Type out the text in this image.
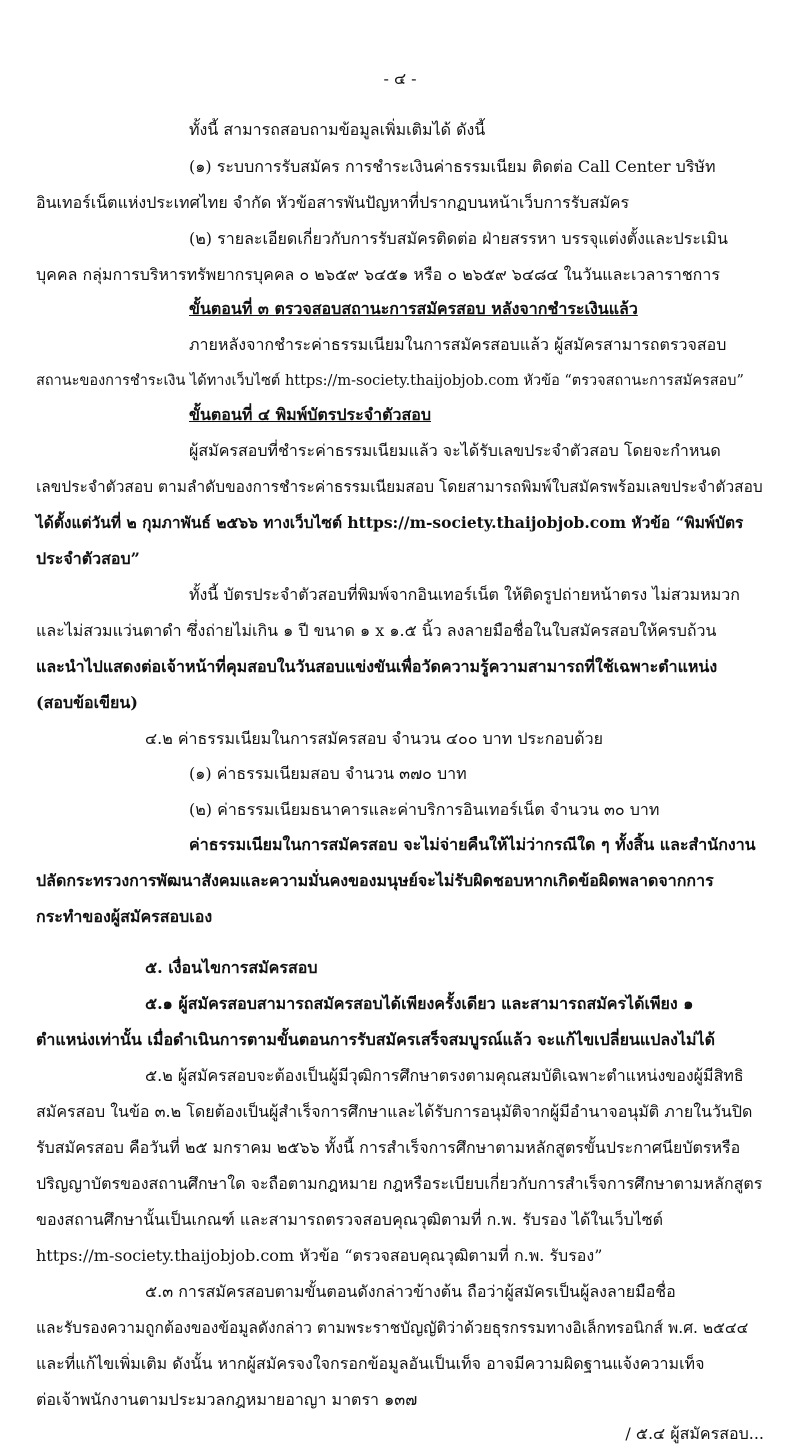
- ๔ -
ทั้งนี้ สามารถสอบถามข้อมูลเพิ่มเติมได้ ดังนี้
(๑) ระบบการรับสมัคร การชำระเงินค่าธรรมเนียม ติดต่อ Call Center บริษัท
อินเทอร์เน็ตแห่งประเทศไทย จำกัด หัวข้อสารพันปัญหาที่ปรากฏบนหน้าเว็บการรับสมัคร
(๒) รายละเอียดเกี่ยวกับการรับสมัครติดต่อ ฝ่ายสรรหา บรรจุแต่งตั้งและประเมิน
บุคคล กลุ่มการบริหารทรัพยากรบุคคล ๐ ๒๖๕๙ ๖๔๕๑ หรือ ๐ ๒๖๕๙ ๖๔๘๔ ในวันและเวลาราชการ
ขั้นตอนที่ ๓ ตรวจสอบสถานะการสมัครสอบ หลังจากชำระเงินแล้ว
ภายหลังจากชำระค่าธรรมเนียมในการสมัครสอบแล้ว ผู้สมัครสามารถตรวจสอบ
สถานะของการชำระเงิน ได้ทางเว็บไซต์ https://m-society.thaijobjob.com หัวข้อ “ตรวจสถานะการสมัครสอบ”
ขั้นตอนที่ ๔ พิมพ์บัตรประจำตัวสอบ
ผู้สมัครสอบที่ชำระค่าธรรมเนียมแล้ว จะได้รับเลขประจำตัวสอบ โดยจะกำหนด
เลขประจำตัวสอบ ตามลำดับของการชำระค่าธรรมเนียมสอบ โดยสามารถพิมพ์ใบสมัครพร้อมเลขประจำตัวสอบ
ได้ตั้งแต่วันที่ ๒ กุมภาพันธ์ ๒๕๖๖ ทางเว็บไซต์ https://m-society.thaijobjob.com หัวข้อ “พิมพ์บัตร
ประจำตัวสอบ”
ทั้งนี้ บัตรประจำตัวสอบที่พิมพ์จากอินเทอร์เน็ต ให้ติดรูปถ่ายหน้าตรง ไม่สวมหมวก
และไม่สวมแว่นตาดำ ซึ่งถ่ายไม่เกิน ๑ ปี ขนาด ๑ x ๑.๕ นิ้ว ลงลายมือชื่อในใบสมัครสอบให้ครบถ้วน
และนำไปแสดงต่อเจ้าหน้าที่คุมสอบในวันสอบแข่งขันเพื่อวัดความรู้ความสามารถที่ใช้เฉพาะตำแหน่ง
(สอบข้อเขียน)
๔.๒ ค่าธรรมเนียมในการสมัครสอบ จำนวน ๔๐๐ บาท ประกอบด้วย
(๑) ค่าธรรมเนียมสอบ จำนวน ๓๗๐ บาท
(๒) ค่าธรรมเนียมธนาคารและค่าบริการอินเทอร์เน็ต จำนวน ๓๐ บาท
ค่าธรรมเนียมในการสมัครสอบ จะไม่จ่ายคืนให้ไม่ว่ากรณีใด ๆ ทั้งสิ้น และสำนักงาน
ปลัดกระทรวงการพัฒนาสังคมและความมั่นคงของมนุษย์จะไม่รับผิดชอบหากเกิดข้อผิดพลาดจากการ
กระทำของผู้สมัครสอบเอง
๕. เงื่อนไขการสมัครสอบ
๕.๑ ผู้สมัครสอบสามารถสมัครสอบได้เพียงครั้งเดียว และสามารถสมัครได้เพียง ๑
ตำแหน่งเท่านั้น เมื่อดำเนินการตามขั้นตอนการรับสมัครเสร็จสมบูรณ์แล้ว จะแก้ไขเปลี่ยนแปลงไม่ได้
๕.๒ ผู้สมัครสอบจะต้องเป็นผู้มีวุฒิการศึกษาตรงตามคุณสมบัติเฉพาะตำแหน่งของผู้มีสิทธิ
สมัครสอบ ในข้อ ๓.๒ โดยต้องเป็นผู้สำเร็จการศึกษาและได้รับการอนุมัติจากผู้มีอำนาจอนุมัติ ภายในวันปิด
รับสมัครสอบ คือวันที่ ๒๕ มกราคม ๒๕๖๖ ทั้งนี้ การสำเร็จการศึกษาตามหลักสูตรขั้นประกาศนียบัตรหรือ
ปริญญาบัตรของสถานศึกษาใด จะถือตามกฎหมาย กฎหรือระเบียบเกี่ยวกับการสำเร็จการศึกษาตามหลักสูตร
ของสถานศึกษานั้นเป็นเกณฑ์ และสามารถตรวจสอบคุณวุฒิตามที่ ก.พ. รับรอง ได้ในเว็บไซต์
https://m-society.thaijobjob.com หัวข้อ “ตรวจสอบคุณวุฒิตามที่ ก.พ. รับรอง”
๕.๓ การสมัครสอบตามขั้นตอนดังกล่าวข้างต้น ถือว่าผู้สมัครเป็นผู้ลงลายมือชื่อ
และรับรองความถูกต้องของข้อมูลดังกล่าว ตามพระราชบัญญัติว่าด้วยธุรกรรมทางอิเล็กทรอนิกส์ พ.ศ. ๒๕๔๔
และที่แก้ไขเพิ่มเติม ดังนั้น หากผู้สมัครจงใจกรอกข้อมูลอันเป็นเท็จ อาจมีความผิดฐานแจ้งความเท็จ
ต่อเจ้าพนักงานตามประมวลกฎหมายอาญา มาตรา ๑๓๗
/ ๕.๔ ผู้สมัครสอบ...
